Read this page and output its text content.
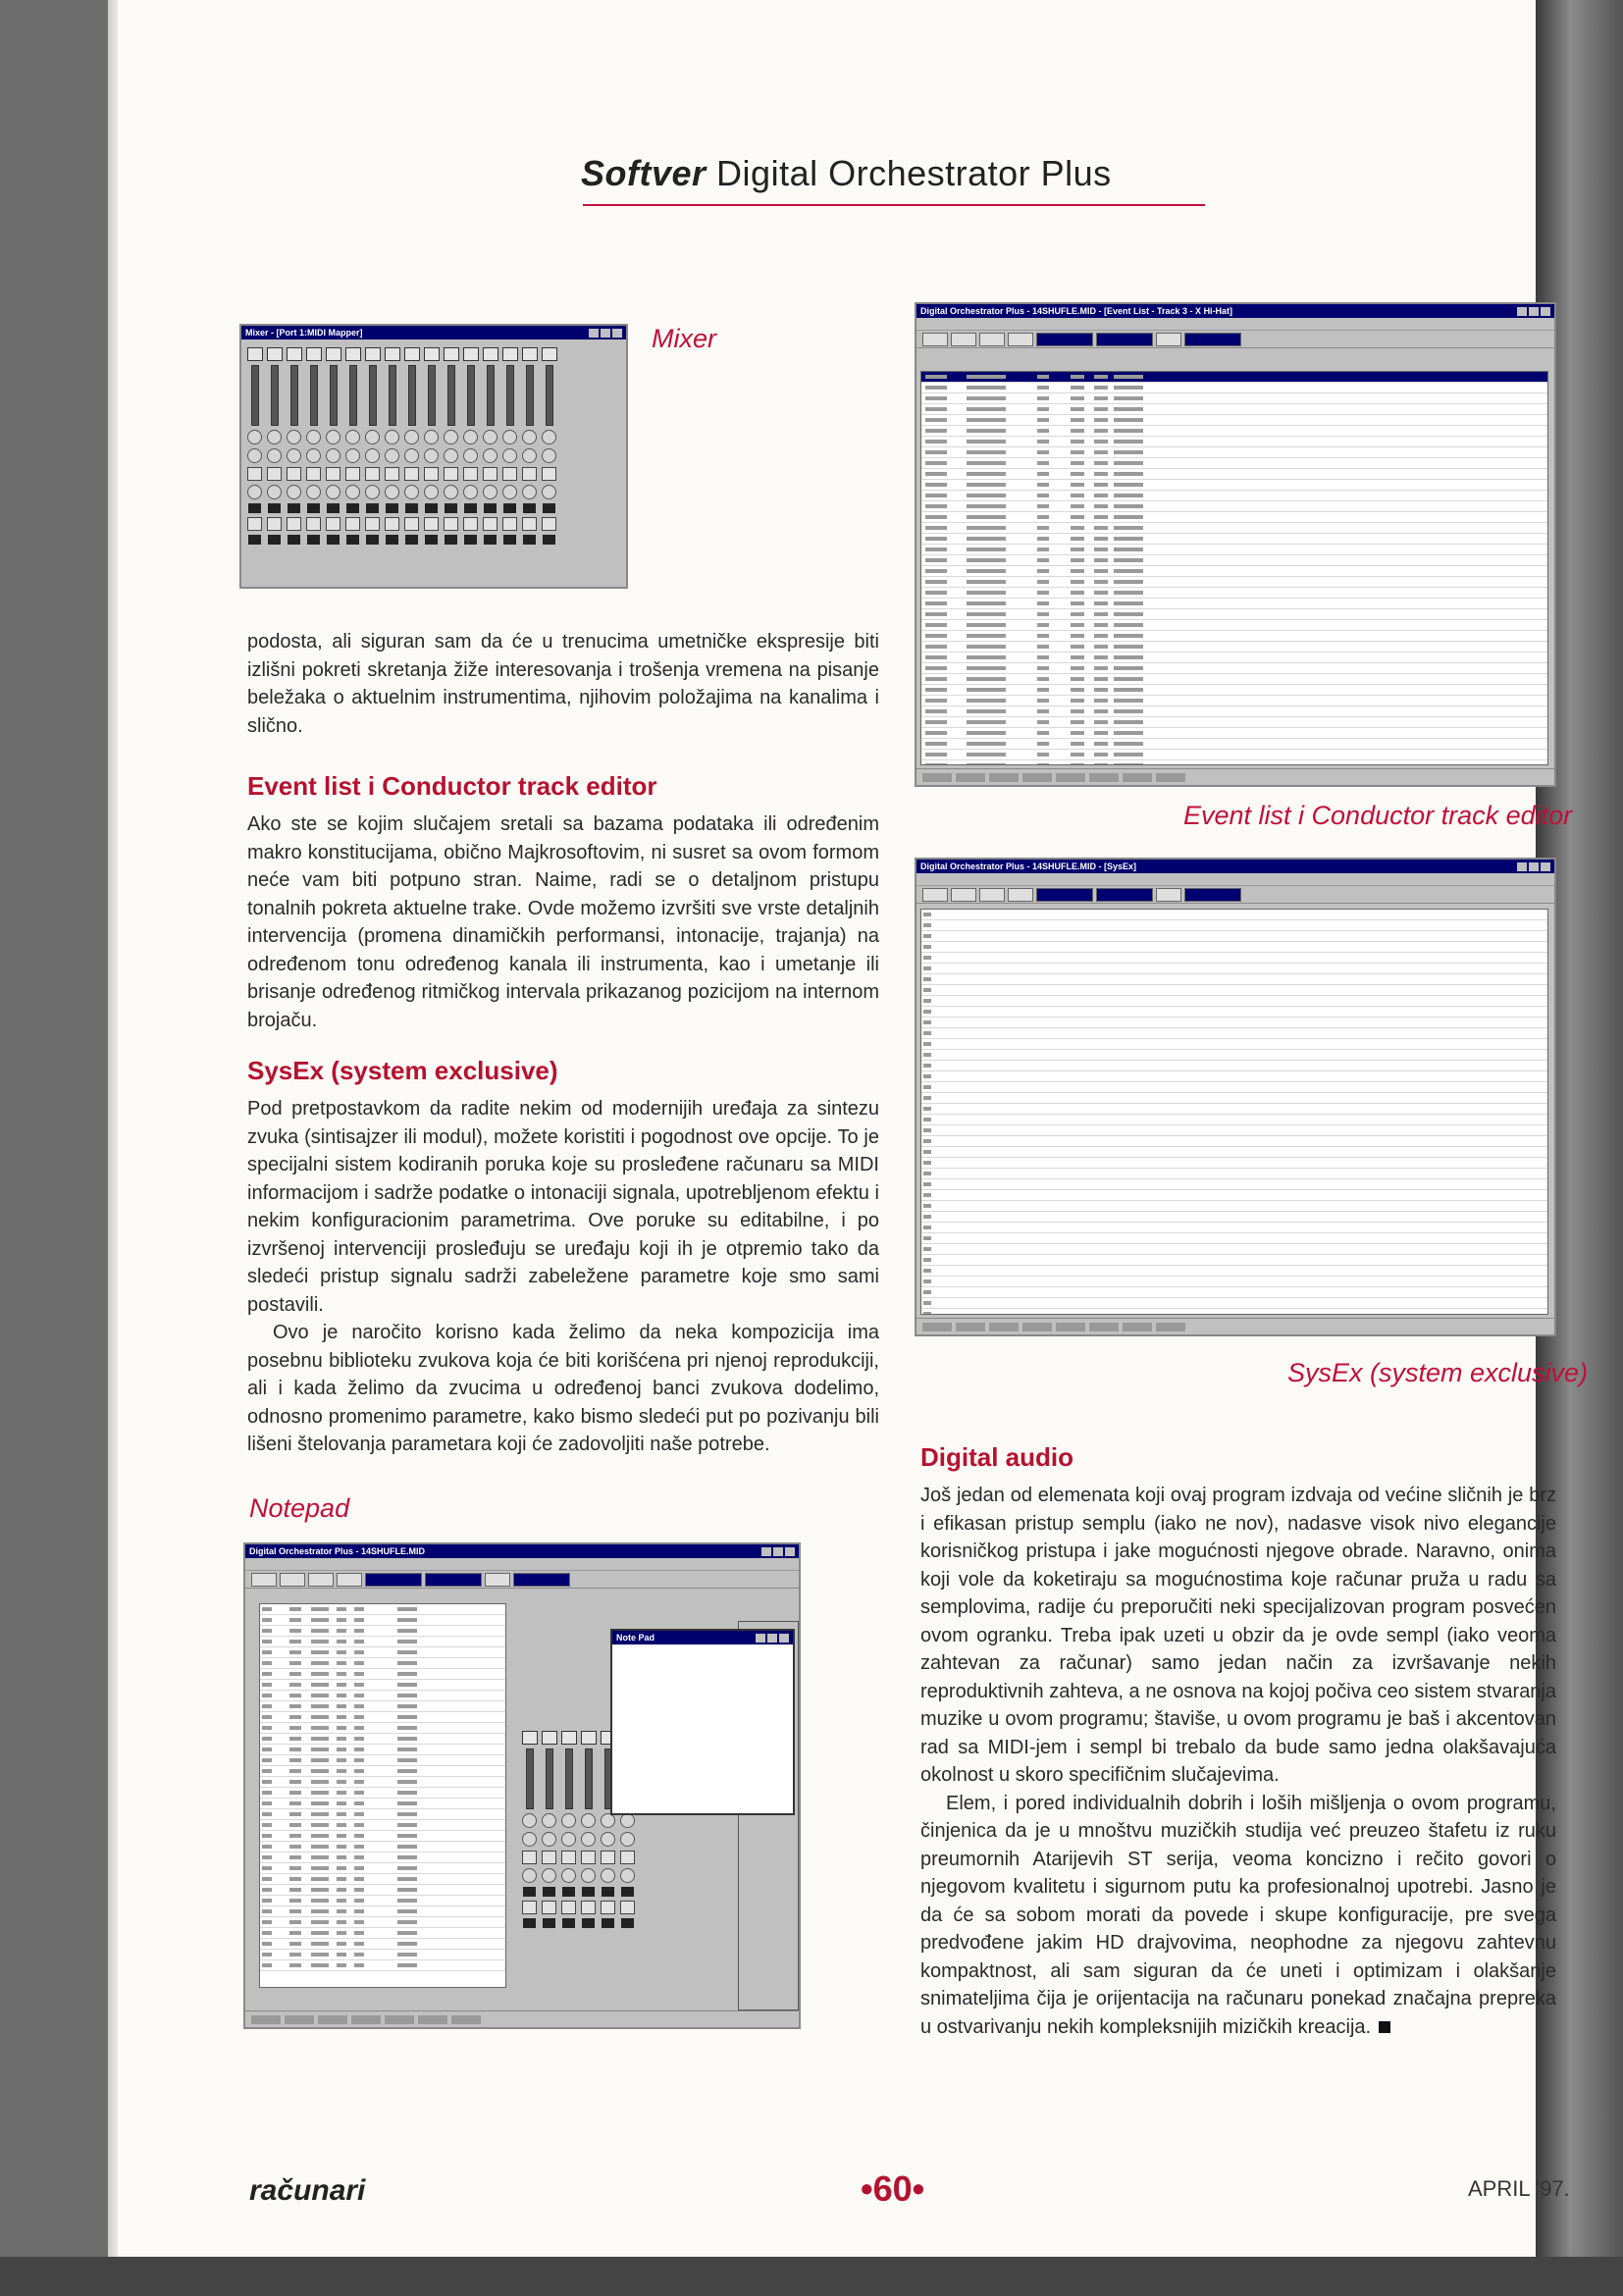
Softver Digital Orchestrator Plus
Mixer - [Port 1:MIDI Mapper]	Mixer
Digital Orchestrator Plus - 14SHUFLE.MID - [Event List - Track 3 - X Hi-Hat]
Event list i Conductor track editor
Digital Orchestrator Plus - 14SHUFLE.MID - [SysEx]
SysEx (system exclusive)
Digital Orchestrator Plus - 14SHUFLE.MID
Note Pad
Notepad

podosta, ali siguran sam da će u trenucima umetničke ekspresije biti izlišni pokreti skretanja žiže interesovanja i trošenja vremena na pisanje beležaka o aktuelnim instrumentima, njihovim položajima na kanalima i slično.

Event list i Conductor track editor

Ako ste se kojim slučajem sretali sa bazama podataka ili određenim makro konstitucijama, obično Majkrosoftovim, ni susret sa ovom formom neće vam biti potpuno stran. Naime, radi se o detaljnom pristupu tonalnih pokreta aktuelne trake. Ovde možemo izvršiti sve vrste detaljnih intervencija (promena dinamičkih performansi, intonacije, trajanja) na određenom tonu određenog kanala ili instrumenta, kao i umetanje ili brisanje određenog ritmičkog intervala prikazanog pozicijom na internom brojaču.

SysEx (system exclusive)

Pod pretpostavkom da radite nekim od modernijih uređaja za sintezu zvuka (sintisajzer ili modul), možete koristiti i pogodnost ove opcije. To je specijalni sistem kodiranih poruka koje su prosleđene računaru sa MIDI informacijom i sadrže podatke o intonaciji signala, upotrebljenom efektu i nekim konfiguracionim parametrima. Ove poruke su editabilne, i po izvršenoj intervenciji prosleđuju se uređaju koji ih je otpremio tako da sledeći pristup signalu sadrži zabeležene parametre koje smo sami postavili.

Ovo je naročito korisno kada želimo da neka kompozicija ima posebnu biblioteku zvukova koja će biti korišćena pri njenoj reprodukciji, ali i kada želimo da zvucima u određenoj banci zvukova dodelimo, odnosno promenimo parametre, kako bismo sledeći put po pozivanju bili lišeni štelovanja parametara koji će zadovoljiti naše potrebe.	Digital audio

Još jedan od elemenata koji ovaj program izdvaja od većine sličnih je brz i efikasan pristup semplu (iako ne nov), nadasve visok nivo elegancije korisničkog pristupa i jake mogućnosti njegove obrade. Naravno, onima koji vole da koketiraju sa mogućnostima koje računar pruža u radu sa semplovima, radije ću preporučiti neki specijalizovan program posvećen ovom ogranku. Treba ipak uzeti u obzir da je ovde sempl (iako veoma zahtevan za računar) samo jedan način za izvršavanje nekih reproduktivnih zahteva, a ne osnova na kojoj počiva ceo sistem stvaranja muzike u ovom programu; štaviše, u ovom programu je baš i akcentovan rad sa MIDI-jem i sempl bi trebalo da bude samo jedna olakšavajuća okolnost u skoro specifičnim slučajevima.

Elem, i pored individualnih dobrih i loših mišljenja o ovom programu, činjenica da je u mnoštvu muzičkih studija već preuzeo štafetu iz ruku preumornih Atarijevih ST serija, veoma koncizno i rečito govori o njegovom kvalitetu i sigurnom putu ka profesionalnoj upotrebi. Jasno je da će sa sobom morati da povede i skupe konfiguracije, pre svega predvođene jakim HD drajvovima, neophodne za njegovu zahtevnu kompaktnost, ali sam siguran da će uneti i optimizam i olakšanje snimateljima čija je orijentacija na računaru ponekad značajna prepreka u ostvarivanju nekih kompleksnijih mizičkih kreacija.

računari	•60•	APRIL '97.
